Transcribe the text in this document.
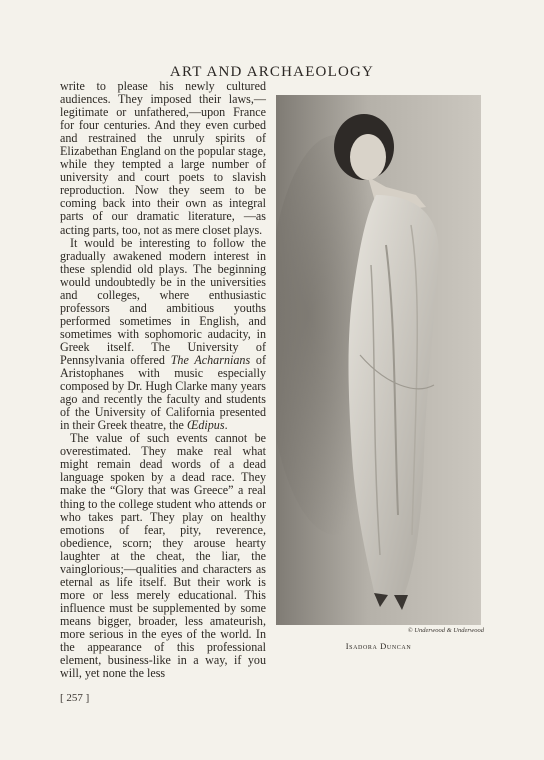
ART AND ARCHAEOLOGY

write to please his newly cultured audiences. They imposed their laws,—legitimate or unfathered,—upon France for four centuries. And they even curbed and restrained the unruly spirits of Elizabethan England on the popular stage, while they tempted a large number of university and court poets to slavish reproduction. Now they seem to be coming back into their own as integral parts of our dramatic literature, —as acting parts, too, not as mere closet plays.

It would be interesting to follow the gradually awakened modern interest in these splendid old plays. The beginning would undoubtedly be in the universities and colleges, where enthusiastic professors and ambitious youths performed sometimes in English, and sometimes with sophomoric audacity, in Greek itself. The University of Pennsylvania offered The Acharnians of Aristophanes with music especially composed by Dr. Hugh Clarke many years ago and recently the faculty and students of the University of California presented in their Greek theatre, the Œdipus.

The value of such events cannot be overestimated. They make real what might remain dead words of a dead language spoken by a dead race. They make the “Glory that was Greece” a real thing to the college student who attends or who takes part. They play on healthy emotions of fear, pity, reverence, obedience, scorn; they arouse hearty laughter at the cheat, the liar, the vainglorious;—qualities and characters as eternal as life itself. But their work is more or less merely educational. This influence must be supplemented by some means bigger, broader, less amateurish, more serious in the eyes of the world. In the appearance of this professional element, business-like in a way, if you will, yet none the less

© Underwood & Underwood
Isadora Duncan
[ 257 ]
